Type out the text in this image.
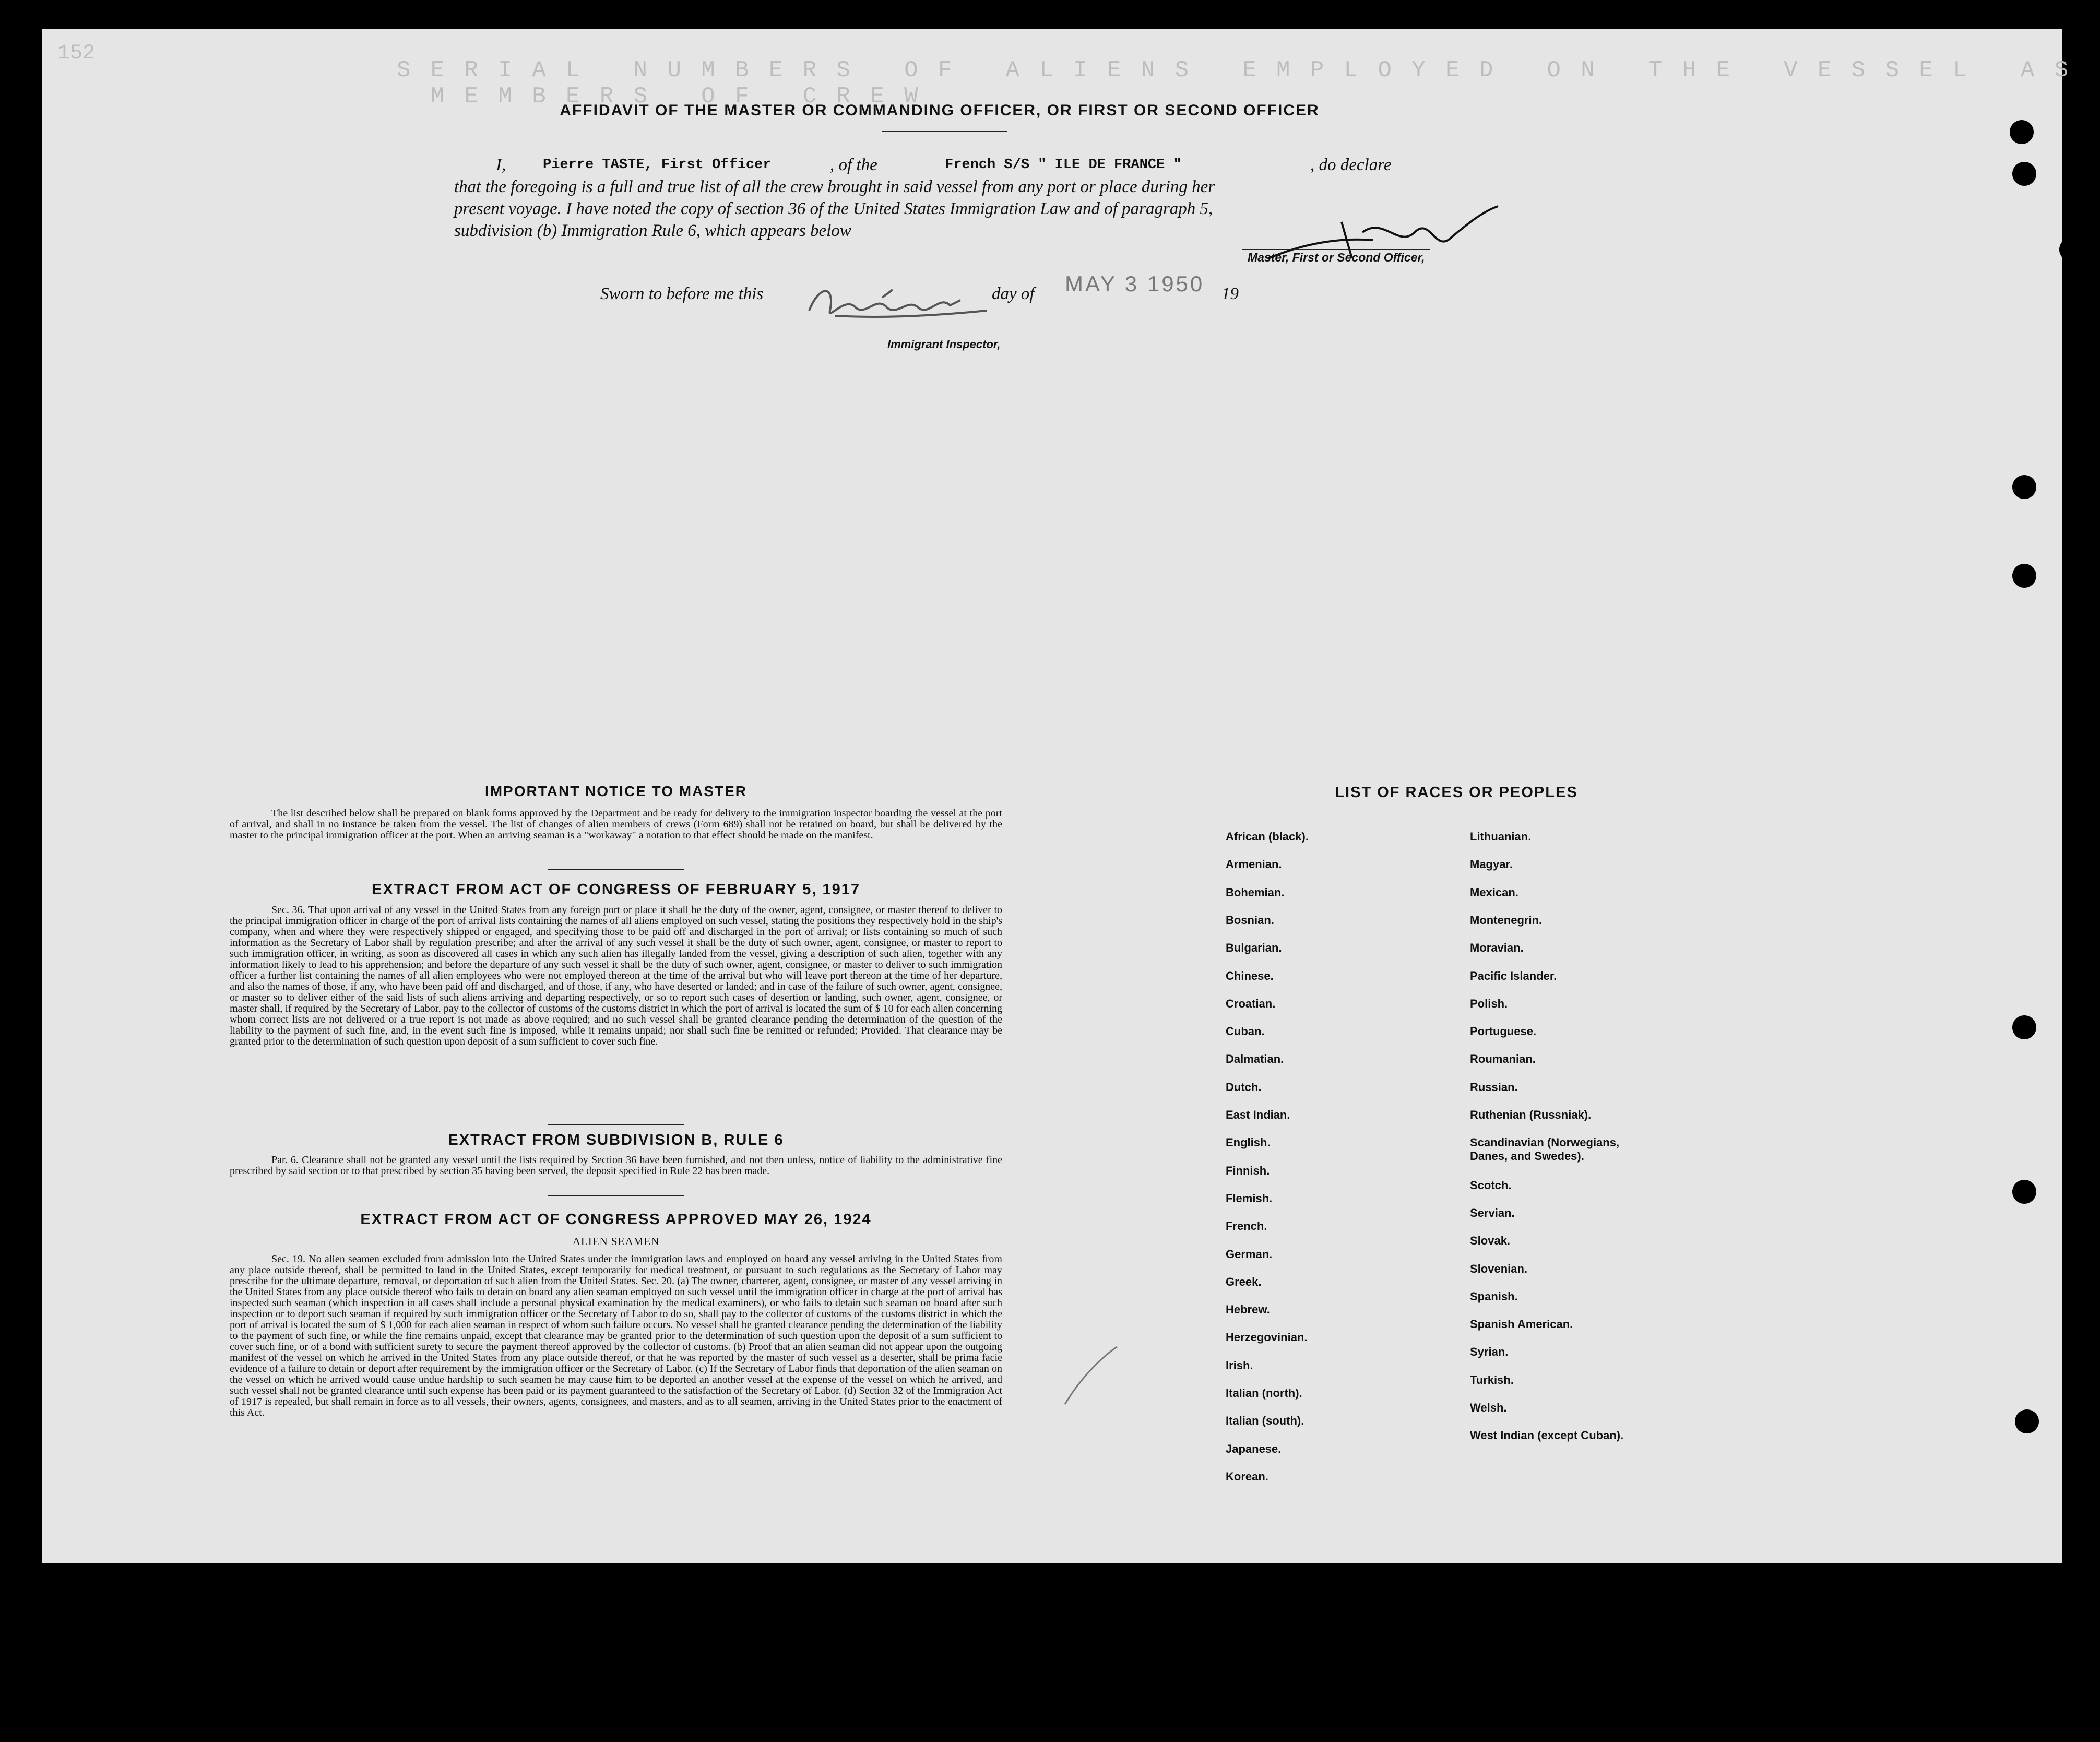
152
S E R I A L   N U M B E R S   O F   A L I E N S   E M P L O Y E D   O N   T H E   V E S S E L   A S   M E M B E R S   O F   C R E W
AFFIDAVIT OF THE MASTER OR COMMANDING OFFICER, OR FIRST OR SECOND OFFICER
I,	Pierre TASTE, First Officer	, of the	French S/S " ILE DE FRANCE "	, do declare
that the foregoing is a full and true list of all the crew brought in said vessel from any port or place during her
present voyage. I have noted the copy of section 36 of the United States Immigration Law and of paragraph 5,
subdivision (b) Immigration Rule 6, which appears below
Master, First or Second Officer,
Sworn to before me this	day of MAY 3 1950 19
Immigrant Inspector,
IMPORTANT NOTICE TO MASTER
The list described below shall be prepared on blank forms approved by the Department and be ready for delivery to the immigration inspector boarding the vessel at the port of arrival, and shall in no instance be taken from the vessel. The list of changes of alien members of crews (Form 689) shall not be retained on board, but shall be delivered by the master to the principal immigration officer at the port. When an arriving seaman is a "workaway" a notation to that effect should be made on the manifest.
EXTRACT FROM ACT OF CONGRESS OF FEBRUARY 5, 1917
Sec. 36. That upon arrival of any vessel in the United States from any foreign port or place it shall be the duty of the owner, agent, consignee, or master thereof to deliver to the principal immigration officer in charge of the port of arrival lists containing the names of all aliens employed on such vessel, stating the positions they respectively hold in the ship's company, when and where they were respectively shipped or engaged, and specifying those to be paid off and discharged in the port of arrival; or lists containing so much of such information as the Secretary of Labor shall by regulation prescribe; and after the arrival of any such vessel it shall be the duty of such owner, agent, consignee, or master to report to such immigration officer, in writing, as soon as discovered all cases in which any such alien has illegally landed from the vessel, giving a description of such alien, together with any information likely to lead to his apprehension; and before the departure of any such vessel it shall be the duty of such owner, agent, consignee, or master to deliver to such immigration officer a further list containing the names of all alien employees who were not employed thereon at the time of the arrival but who will leave port thereon at the time of her departure, and also the names of those, if any, who have been paid off and discharged, and of those, if any, who have deserted or landed; and in case of the failure of such owner, agent, consignee, or master so to deliver either of the said lists of such aliens arriving and departing respectively, or so to report such cases of desertion or landing, such owner, agent, consignee, or master shall, if required by the Secretary of Labor, pay to the collector of customs of the customs district in which the port of arrival is located the sum of $ 10 for each alien concerning whom correct lists are not delivered or a true report is not made as above required; and no such vessel shall be granted clearance pending the determination of the question of the liability to the payment of such fine, and, in the event such fine is imposed, while it remains unpaid; nor shall such fine be remitted or refunded; Provided. That clearance may be granted prior to the determination of such question upon deposit of a sum sufficient to cover such fine.
EXTRACT FROM SUBDIVISION B, RULE 6
Par. 6. Clearance shall not be granted any vessel until the lists required by Section 36 have been furnished, and not then unless, notice of liability to the administrative fine prescribed by said section or to that prescribed by section 35 having been served, the deposit specified in Rule 22 has been made.
EXTRACT FROM ACT OF CONGRESS APPROVED MAY 26, 1924
ALIEN SEAMEN
Sec. 19. No alien seamen excluded from admission into the United States under the immigration laws and employed on board any vessel arriving in the United States from any place outside thereof, shall be permitted to land in the United States, except temporarily for medical treatment, or pursuant to such regulations as the Secretary of Labor may prescribe for the ultimate departure, removal, or deportation of such alien from the United States. Sec. 20. (a) The owner, charterer, agent, consignee, or master of any vessel arriving in the United States from any place outside thereof who fails to detain on board any alien seaman employed on such vessel until the immigration officer in charge at the port of arrival has inspected such seaman (which inspection in all cases shall include a personal physical examination by the medical examiners), or who fails to detain such seaman on board after such inspection or to deport such seaman if required by such immigration officer or the Secretary of Labor to do so, shall pay to the collector of customs of the customs district in which the port of arrival is located the sum of $ 1,000 for each alien seaman in respect of whom such failure occurs. No vessel shall be granted clearance pending the determination of the liability to the payment of such fine, or while the fine remains unpaid, except that clearance may be granted prior to the determination of such question upon the deposit of a sum sufficient to cover such fine, or of a bond with sufficient surety to secure the payment thereof approved by the collector of customs. (b) Proof that an alien seaman did not appear upon the outgoing manifest of the vessel on which he arrived in the United States from any place outside thereof, or that he was reported by the master of such vessel as a deserter, shall be prima facie evidence of a failure to detain or deport after requirement by the immigration officer or the Secretary of Labor. (c) If the Secretary of Labor finds that deportation of the alien seaman on the vessel on which he arrived would cause undue hardship to such seamen he may cause him to be deported an another vessel at the expense of the vessel on which he arrived, and such vessel shall not be granted clearance until such expense has been paid or its payment guaranteed to the satisfaction of the Secretary of Labor. (d) Section 32 of the Immigration Act of 1917 is repealed, but shall remain in force as to all vessels, their owners, agents, consignees, and masters, and as to all seamen, arriving in the United States prior to the enactment of this Act.
LIST OF RACES OR PEOPLES
African (black).
Armenian.
Bohemian.
Bosnian.
Bulgarian.
Chinese.
Croatian.
Cuban.
Dalmatian.
Dutch.
East Indian.
English.
Finnish.
Flemish.
French.
German.
Greek.
Hebrew.
Herzegovinian.
Irish.
Italian (north).
Italian (south).
Japanese.
Korean.
Lithuanian.
Magyar.
Mexican.
Montenegrin.
Moravian.
Pacific Islander.
Polish.
Portuguese.
Roumanian.
Russian.
Ruthenian (Russniak).
Scandinavian (Norwegians, Danes, and Swedes).
Scotch.
Servian.
Slovak.
Slovenian.
Spanish.
Spanish American.
Syrian.
Turkish.
Welsh.
West Indian (except Cuban).
